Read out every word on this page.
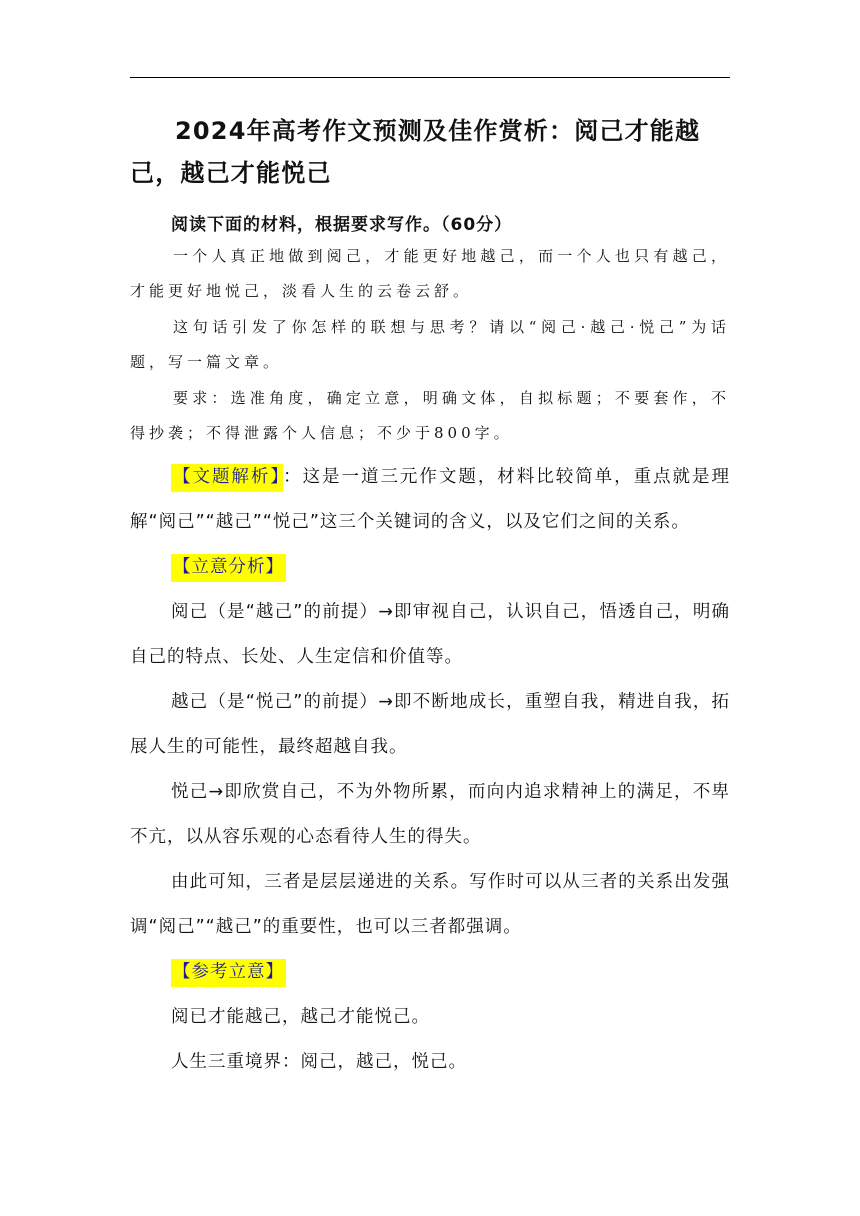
2024年高考作文预测及佳作赏析：阅己才能越己，越己才能悦己

阅读下面的材料，根据要求写作。（60分）

一个人真正地做到阅己，才能更好地越己，而一个人也只有越己，才能更好地悦己，淡看人生的云卷云舒。

这句话引发了你怎样的联想与思考？请以“阅己·越己·悦己”为话题，写一篇文章。

要求：选准角度，确定立意，明确文体，自拟标题；不要套作，不得抄袭；不得泄露个人信息；不少于800字。

【文题解析】 ：这是一道三元作文题，材料比较简单，重点就是理解“阅己”“越己”“悦己”这三个关键词的含义，以及它们之间的关系。

【立意分析】

阅己（是“越己”的前提）→即审视自己，认识自己，悟透自己，明确自己的特点、长处、人生定信和价值等。

越己（是“悦己”的前提）→即不断地成长，重塑自我，精进自我，拓展人生的可能性，最终超越自我。

悦己→即欣赏自己，不为外物所累，而向内追求精神上的满足，不卑不亢，以从容乐观的心态看待人生的得失。

由此可知，三者是层层递进的关系。写作时可以从三者的关系出发强调“阅己”“越己”的重要性，也可以三者都强调。

【参考立意】

阅已才能越己，越己才能悦己。

人生三重境界：阅己，越己，悦己。
